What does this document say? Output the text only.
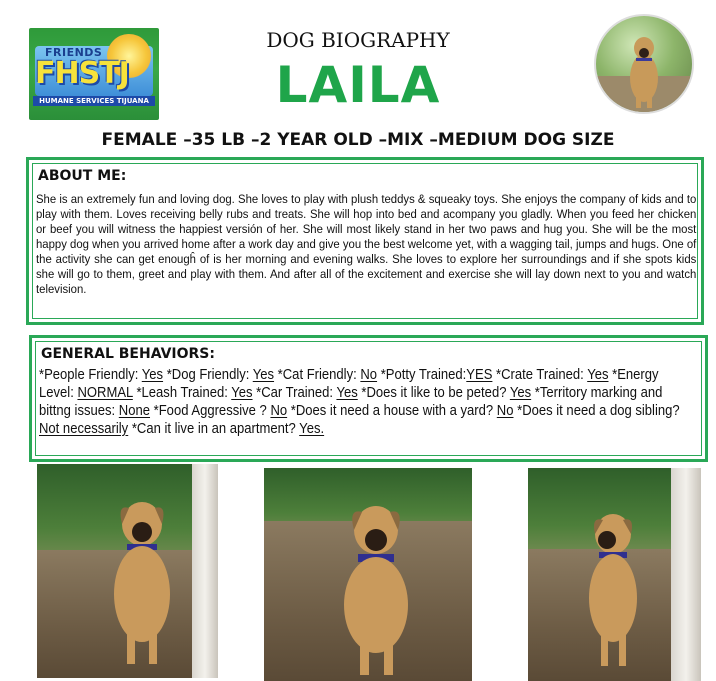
FRIENDS
FHSTJ
HUMANE SERVICES TIJUANA
DOG BIOGRAPHY
LAILA
FEMALE –35 LB –2 YEAR OLD –MIX –MEDIUM DOG SIZE
ABOUT ME:
She is an extremely fun and loving dog. She loves to play with plush teddys & squeaky toys. She enjoys the company of kids and to play with them. Loves receiving belly rubs and treats. She will hop into bed and acompany you gladly. When you feed her chicken or beef you will witness the happiest versión of her. She will most likely stand in her two paws and hug you. She will be the most happy dog when you arrived home after a work day and give you the best welcome yet, with a wagging tail, jumps and hugs. One of the activity she can get enougĥ of is her morning and evening walks. She loves to explore her surroundings and if she spots kids she will go to them, greet and play with them. And after all of the excitement and exercise she will lay down next to you and watch television.
GENERAL BEHAVIORS:
*People Friendly: Yes *Dog Friendly: Yes *Cat Friendly: No *Potty Trained:YES *Crate Trained: Yes *Energy Level: NORMAL *Leash Trained: Yes *Car Trained: Yes *Does it like to be peted? Yes *Territory marking and bittng issues: None *Food Aggressive ? No *Does it need a house with a yard? No *Does it need a dog sibling? Not necessarily *Can it live in an apartment? Yes.
